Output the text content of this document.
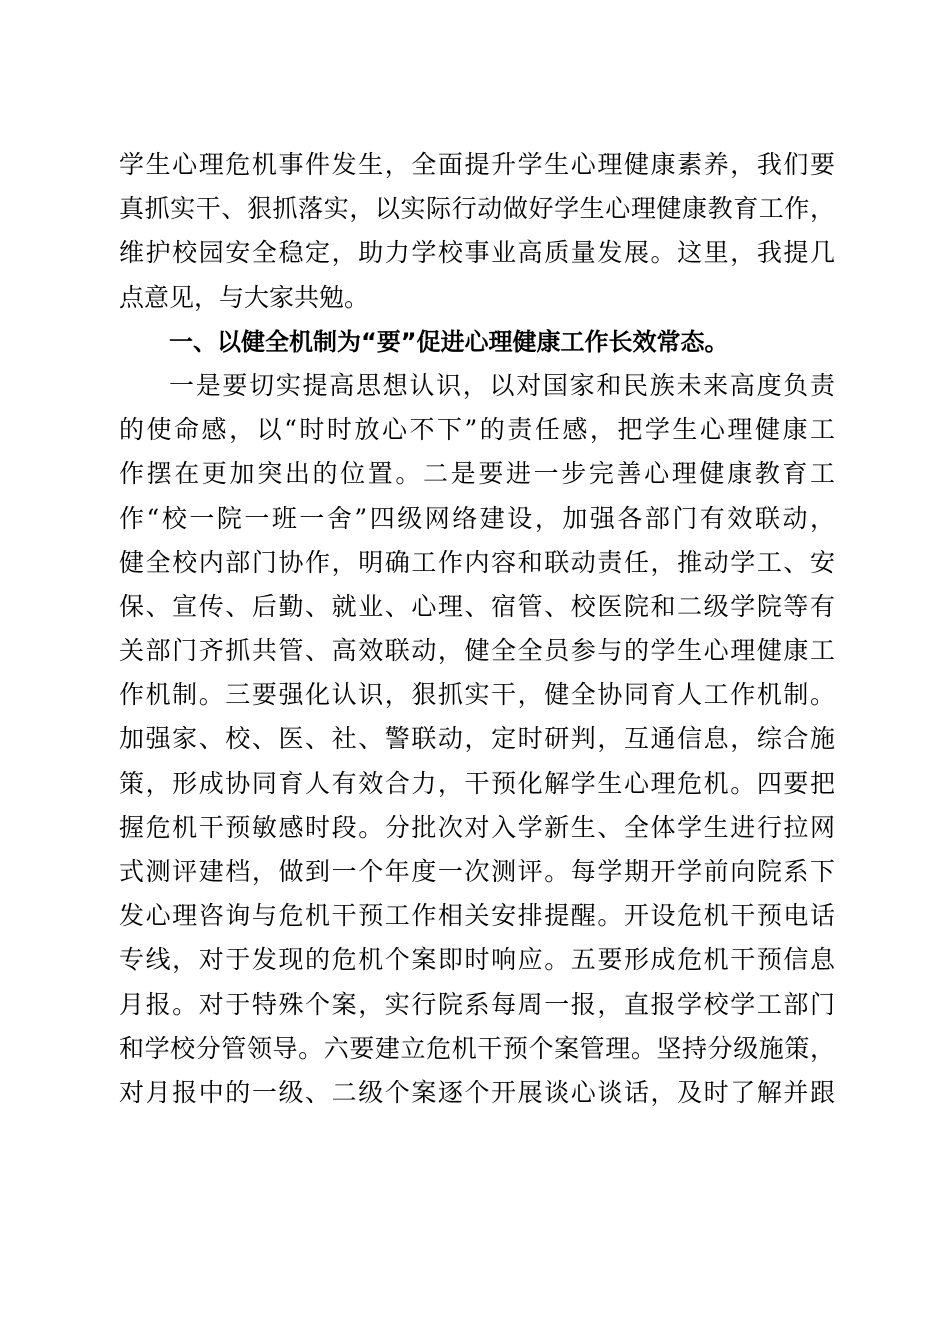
学生心理危机事件发生，全面提升学生心理健康素养，我们要
真抓实干、狠抓落实，以实际行动做好学生心理健康教育工作，
维护校园安全稳定，助力学校事业高质量发展。这里，我提几
点意见，与大家共勉。
一、以健全机制为“要”促进心理健康工作长效常态。
一是要切实提高思想认识，以对国家和民族未来高度负责
的使命感，以“时时放心不下”的责任感，把学生心理健康工
作摆在更加突出的位置。二是要进一步完善心理健康教育工
作“校一院一班一舍”四级网络建设，加强各部门有效联动，
健全校内部门协作，明确工作内容和联动责任，推动学工、安
保、宣传、后勤、就业、心理、宿管、校医院和二级学院等有
关部门齐抓共管、高效联动，健全全员参与的学生心理健康工
作机制。三要强化认识，狠抓实干，健全协同育人工作机制。
加强家、校、医、社、警联动，定时研判，互通信息，综合施
策，形成协同育人有效合力，干预化解学生心理危机。四要把
握危机干预敏感时段。分批次对入学新生、全体学生进行拉网
式测评建档，做到一个年度一次测评。每学期开学前向院系下
发心理咨询与危机干预工作相关安排提醒。开设危机干预电话
专线，对于发现的危机个案即时响应。五要形成危机干预信息
月报。对于特殊个案，实行院系每周一报，直报学校学工部门
和学校分管领导。六要建立危机干预个案管理。坚持分级施策，
对月报中的一级、二级个案逐个开展谈心谈话，及时了解并跟
